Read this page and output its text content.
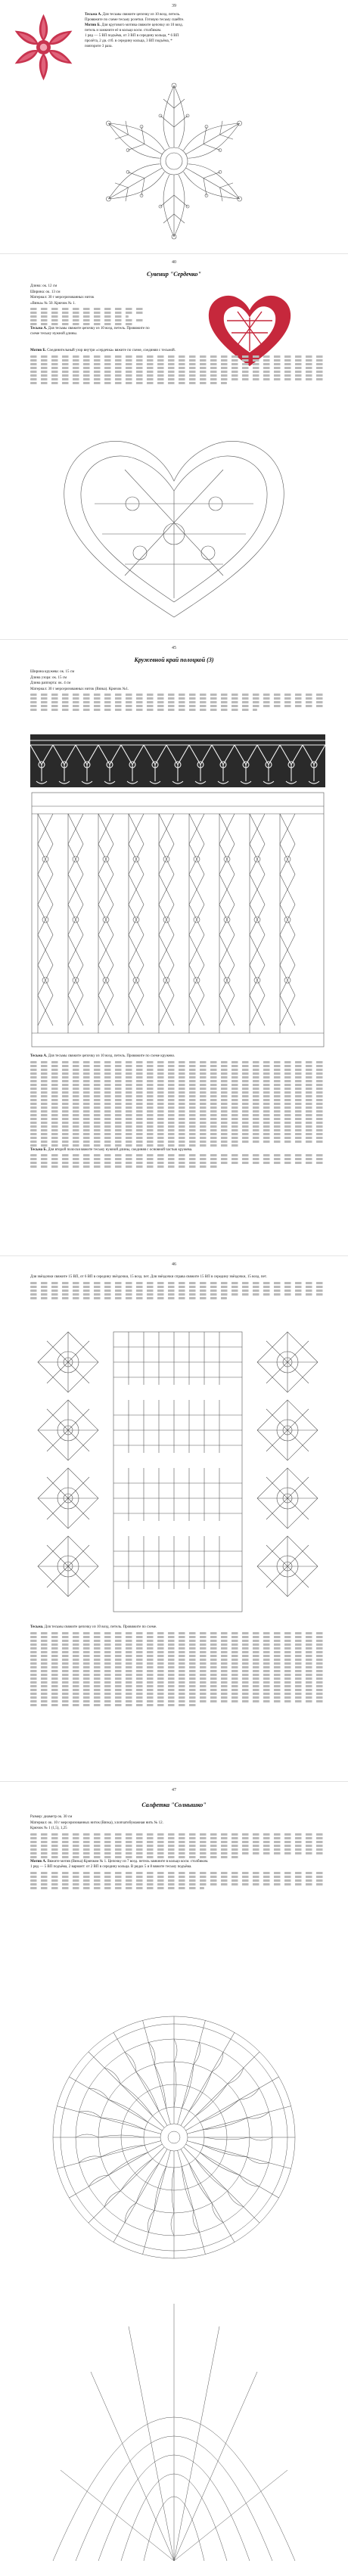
39

Тесьма А. Для тесьмы свяжите цепочку из 10 возд. петель. Провяжите по схеме тесьму розетки. Готовую тесьму сшейте.

Мотив Б. Для кругового мотива свяжите цепочку из 10 возд. петель и замкните её в кольцо косм. столбиком.

1 ряд — 5 ВП подъёма, от 3 ВП в середину кольца, * 6 ВП пролёта, 2 дв. стб. в середину кольца, 3 ВП подъёма, * повторите 3 раза.

40
Сувенир "Сердечко"

Длина: ок. 12 см

Ширина: ок. 13 см

Материал: 30 г мерсеризованных ниток

«Вязка» № 50. Крючок № 1.

Тесьма А. Для тесьмы свяжите цепочку из 10 возд. петель. Провяжите по схеме тесьму нужной длины.

Мотив Б. Соединительный узор внутри «сердечка» вяжите по схеме, соединяя с тесьмой.

45
Кружевной край полоцкой (3)

Ширина кружева: ок. 15 см

Длина узора: ок. 15 см

Длина раппорта: ок. 4 см

Материал: 30 г мерсеризованных ниток (Вязка). Крючок №1.

Тесьма А. Для тесьмы свяжите цепочку из 10 возд. петель. Провяжите по схеме кружево.

Тесьма Б. Для второй полоски вяжите тесьму нужной длины, соединяя с основной частью кружева.

46

Для звёздочки свяжите 15 ВП, от 6 ВП в середину звёздочки, 15 возд. пет. Для звёздочки справа свяжите 15 ВП в середину звёздочки, 15 возд. пет.

Тесьма. Для тесьмы свяжите цепочку из 10 возд. петель. Провяжите по схеме.

47
Салфетка "Солнышко"

Размер: диаметр ок. 30 см

Материал: ок. 10 г мерсеризованных ниток (Вязка), хлопчатобумажная нить № 12.

Крючок № 1 (1,5), 1,25

Мотив А. Вяжите мотив (Вязка) Крючком № 1. Цепочку из 7 возд. петель замкните в кольцо косм. столбиком.

1 ряд — 5 ВП подъёма, 2 вариант: от 2 ВП в середину кольца. В рядах 5 и 8 вяжите тесьму подъёма.
